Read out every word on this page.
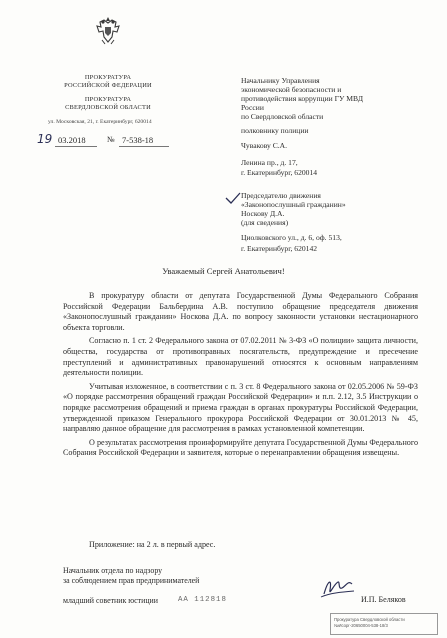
ПРОКУРАТУРА
РОССИЙСКОЙ ФЕДЕРАЦИИ
ПРОКУРАТУРА
СВЕРДЛОВСКОЙ ОБЛАСТИ
ул. Московская, 21, г. Екатеринбург, 620014
19 03.2018	№ 7-538-18
Начальнику Управления
экономической безопасности и
противодействия коррупции ГУ МВД
России
по Свердловской области
полковнику полиции
Чувакову С.А.
Ленина пр., д. 17,
г. Екатеринбург, 620014
Председателю движения
«Законопослушный гражданин»
Носкову Д.А.
(для сведения)
Циолковского ул., д. 6, оф. 513,
г. Екатеринбург, 620142
Уважаемый Сергей Анатольевич!

В прокуратуру области от депутата Государственной Думы Федерального Собрания Российской Федерации Бальбердина А.В. поступило обращение председателя движения «Законопослушный гражданин» Носкова Д.А. по вопросу законности установки нестационарного объекта торговли.

Согласно п. 1 ст. 2 Федерального закона от 07.02.2011 № 3-ФЗ «О полиции» защита личности, общества, государства от противоправных посягательств, предупреждение и пресечение преступлений и административных правонарушений относятся к основным направлениям деятельности полиции.

Учитывая изложенное, в соответствии с п. 3 ст. 8 Федерального закона от 02.05.2006 № 59-ФЗ «О порядке рассмотрения обращений граждан Российской Федерации» и п.п. 2.12, 3.5 Инструкции о порядке рассмотрения обращений и приема граждан в органах прокуратуры Российской Федерации, утвержденной приказом Генерального прокурора Российской Федерации от 30.01.2013 № 45, направляю данное обращение для рассмотрения в рамках установленной компетенции.

О результатах рассмотрения проинформируйте депутата Государственной Думы Федерального Собрания Российской Федерации и заявителя, которые о перенаправлении обращения извещены.

Приложение: на 2 л. в первый адрес.
Начальник отдела по надзору
за соблюдением прав предпринимателей
младший советник юстиции	АА 112818	И.П. Беляков
Прокуратура Свердловской области
№Исорг-20650004-538-18/3
